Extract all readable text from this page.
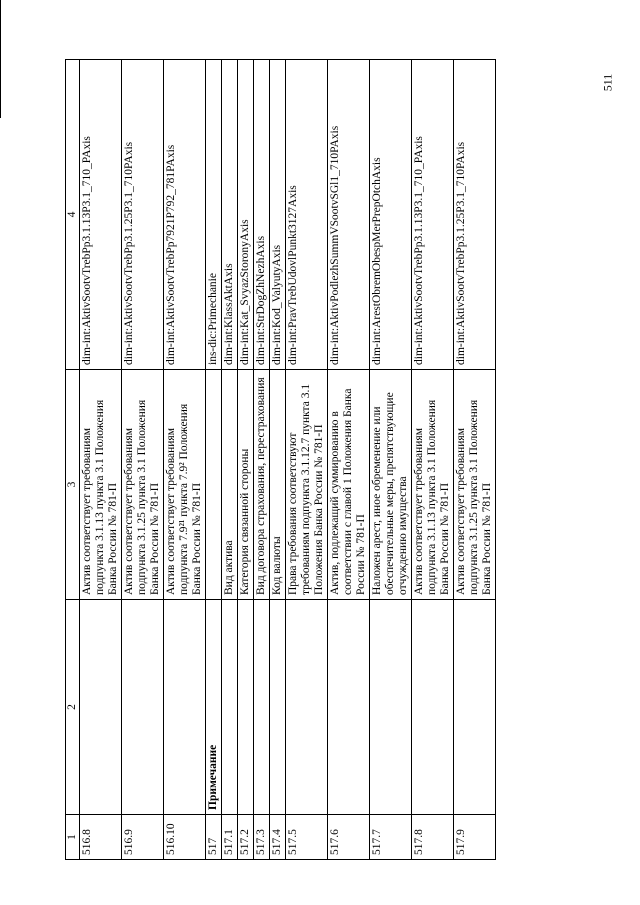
511
1	2	3	4
516.8		Актив соответствует требованиям подпункта 3.1.13 пункта 3.1 Положения Банка России № 781-П	dim-int:AktivSootvTrebPp3.1.13P3.1_710_PAxis
516.9		Актив соответствует требованиям подпункта 3.1.25 пункта 3.1 Положения Банка России № 781-П	dim-int:AktivSootvTrebPp3.1.25P3.1_710PAxis
516.10		Актив соответствует требованиям подпункта 7.9²¹ пункта 7.9² Положения Банка России № 781-П	dim-int:AktivSootvTrebPp7921P792_781PAxis
517	Примечание		ins-dic:Primechanie
517.1		Вид актива	dim-int:KlassAktAxis
517.2		Категория связанной стороны	dim-int:Kat_SvyazStoronyAxis
517.3		Вид договора страхования, перестрахования	dim-int:StrDogZhNezhAxis
517.4		Код валюты	dim-int:Kod_ValyutyAxis
517.5		Права требования соответствуют требованиям подпункта 3.1.12.7 пункта 3.1 Положения Банка России № 781-П	dim-int:PravTrebUdovlPunkt3127Axis
517.6		Актив, подлежащий суммированию в соответствии с главой 1 Положения Банка России № 781-П	dim-int:AktivPodlezhSummVSootvSGl1_710PAxis
517.7		Наложен арест, иное обременение или обеспечительные меры, препятствующие отчуждению имущества	dim-int:ArestObremObespMerPrepOtchAxis
517.8		Актив соответствует требованиям подпункта 3.1.13 пункта 3.1 Положения Банка России № 781-П	dim-int:AktivSootvTrebPp3.1.13P3.1_710_PAxis
517.9		Актив соответствует требованиям подпункта 3.1.25 пункта 3.1 Положения Банка России № 781-П	dim-int:AktivSootvTrebPp3.1.25P3.1_710PAxis
